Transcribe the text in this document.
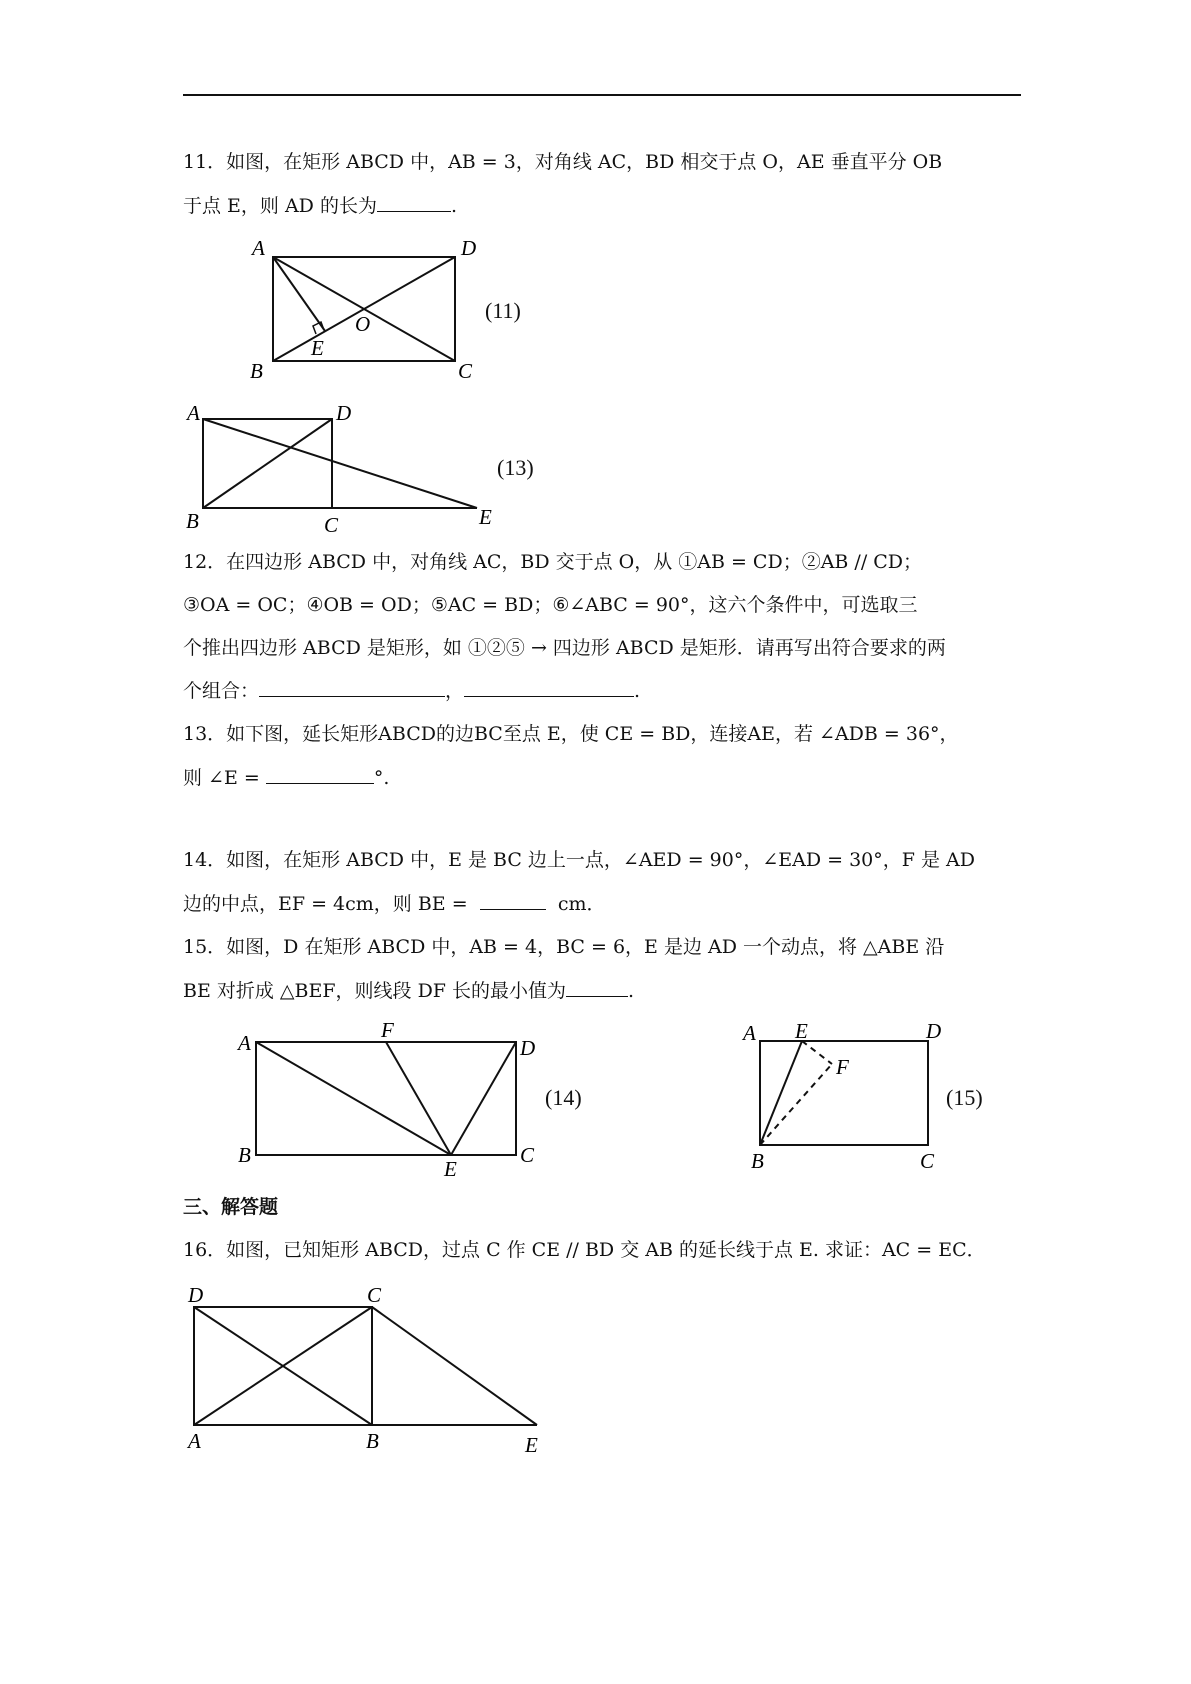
11．如图，在矩形 ABCD 中，AB = 3，对角线 AC，BD 相交于点 O，AE 垂直平分 OB
于点 E，则 AD 的长为	.
A	D
B	C
E
O
(11)
A	D
B	C	E
(13)
12．在四边形 ABCD 中，对角线 AC，BD 交于点 O，从 ①AB = CD；②AB // CD；
③OA = OC；④OB = OD；⑤AC = BD；⑥∠ABC = 90°，这六个条件中，可选取三
个推出四边形 ABCD 是矩形，如 ①②⑤ → 四边形 ABCD 是矩形．请再写出符合要求的两
个组合：	，	.
13．如下图，延长矩形ABCD的边BC至点 E，使 CE = BD，连接AE，若 ∠ADB = 36°，
则 ∠E =	°.
14．如图，在矩形 ABCD 中，E 是 BC 边上一点，∠AED = 90°，∠EAD = 30°，F 是 AD
边的中点，EF = 4cm，则 BE =	cm．
15．如图，D 在矩形 ABCD 中，AB = 4，BC = 6，E 是边 AD 一个动点，将 △ABE 沿
BE 对折成 △BEF，则线段 DF 长的最小值为	.
A	D
F
B	C
E
(14)
A E	D
F
B	C
(15)
三、解答题
16．如图，已知矩形 ABCD，过点 C 作 CE // BD 交 AB 的延长线于点 E. 求证：AC = EC．
D	C
A	B	E
